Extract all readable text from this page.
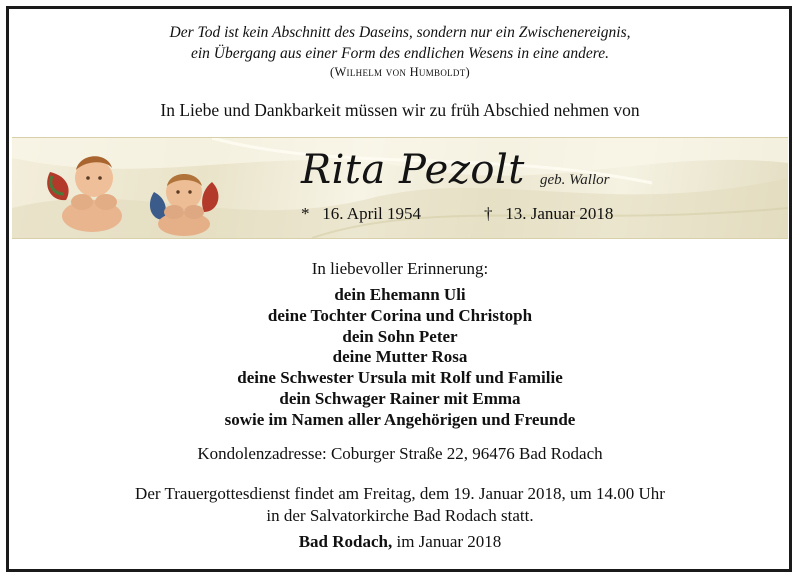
Der Tod ist kein Abschnitt des Daseins, sondern nur ein Zwischenereignis,
ein Übergang aus einer Form des endlichen Wesens in eine andere.
(Wilhelm von Humboldt)
In Liebe und Dankbarkeit müssen wir zu früh Abschied nehmen von
Rita Pezolt geb. Wallor
* 16. April 1954	† 13. Januar 2018
In liebevoller Erinnerung:
dein Ehemann Uli
deine Tochter Corina und Christoph
dein Sohn Peter
deine Mutter Rosa
deine Schwester Ursula mit Rolf und Familie
dein Schwager Rainer mit Emma
sowie im Namen aller Angehörigen und Freunde
Kondolenzadresse: Coburger Straße 22, 96476 Bad Rodach
Der Trauergottesdienst findet am Freitag, dem 19. Januar 2018, um 14.00 Uhr
in der Salvatorkirche Bad Rodach statt.
Bad Rodach, im Januar 2018
